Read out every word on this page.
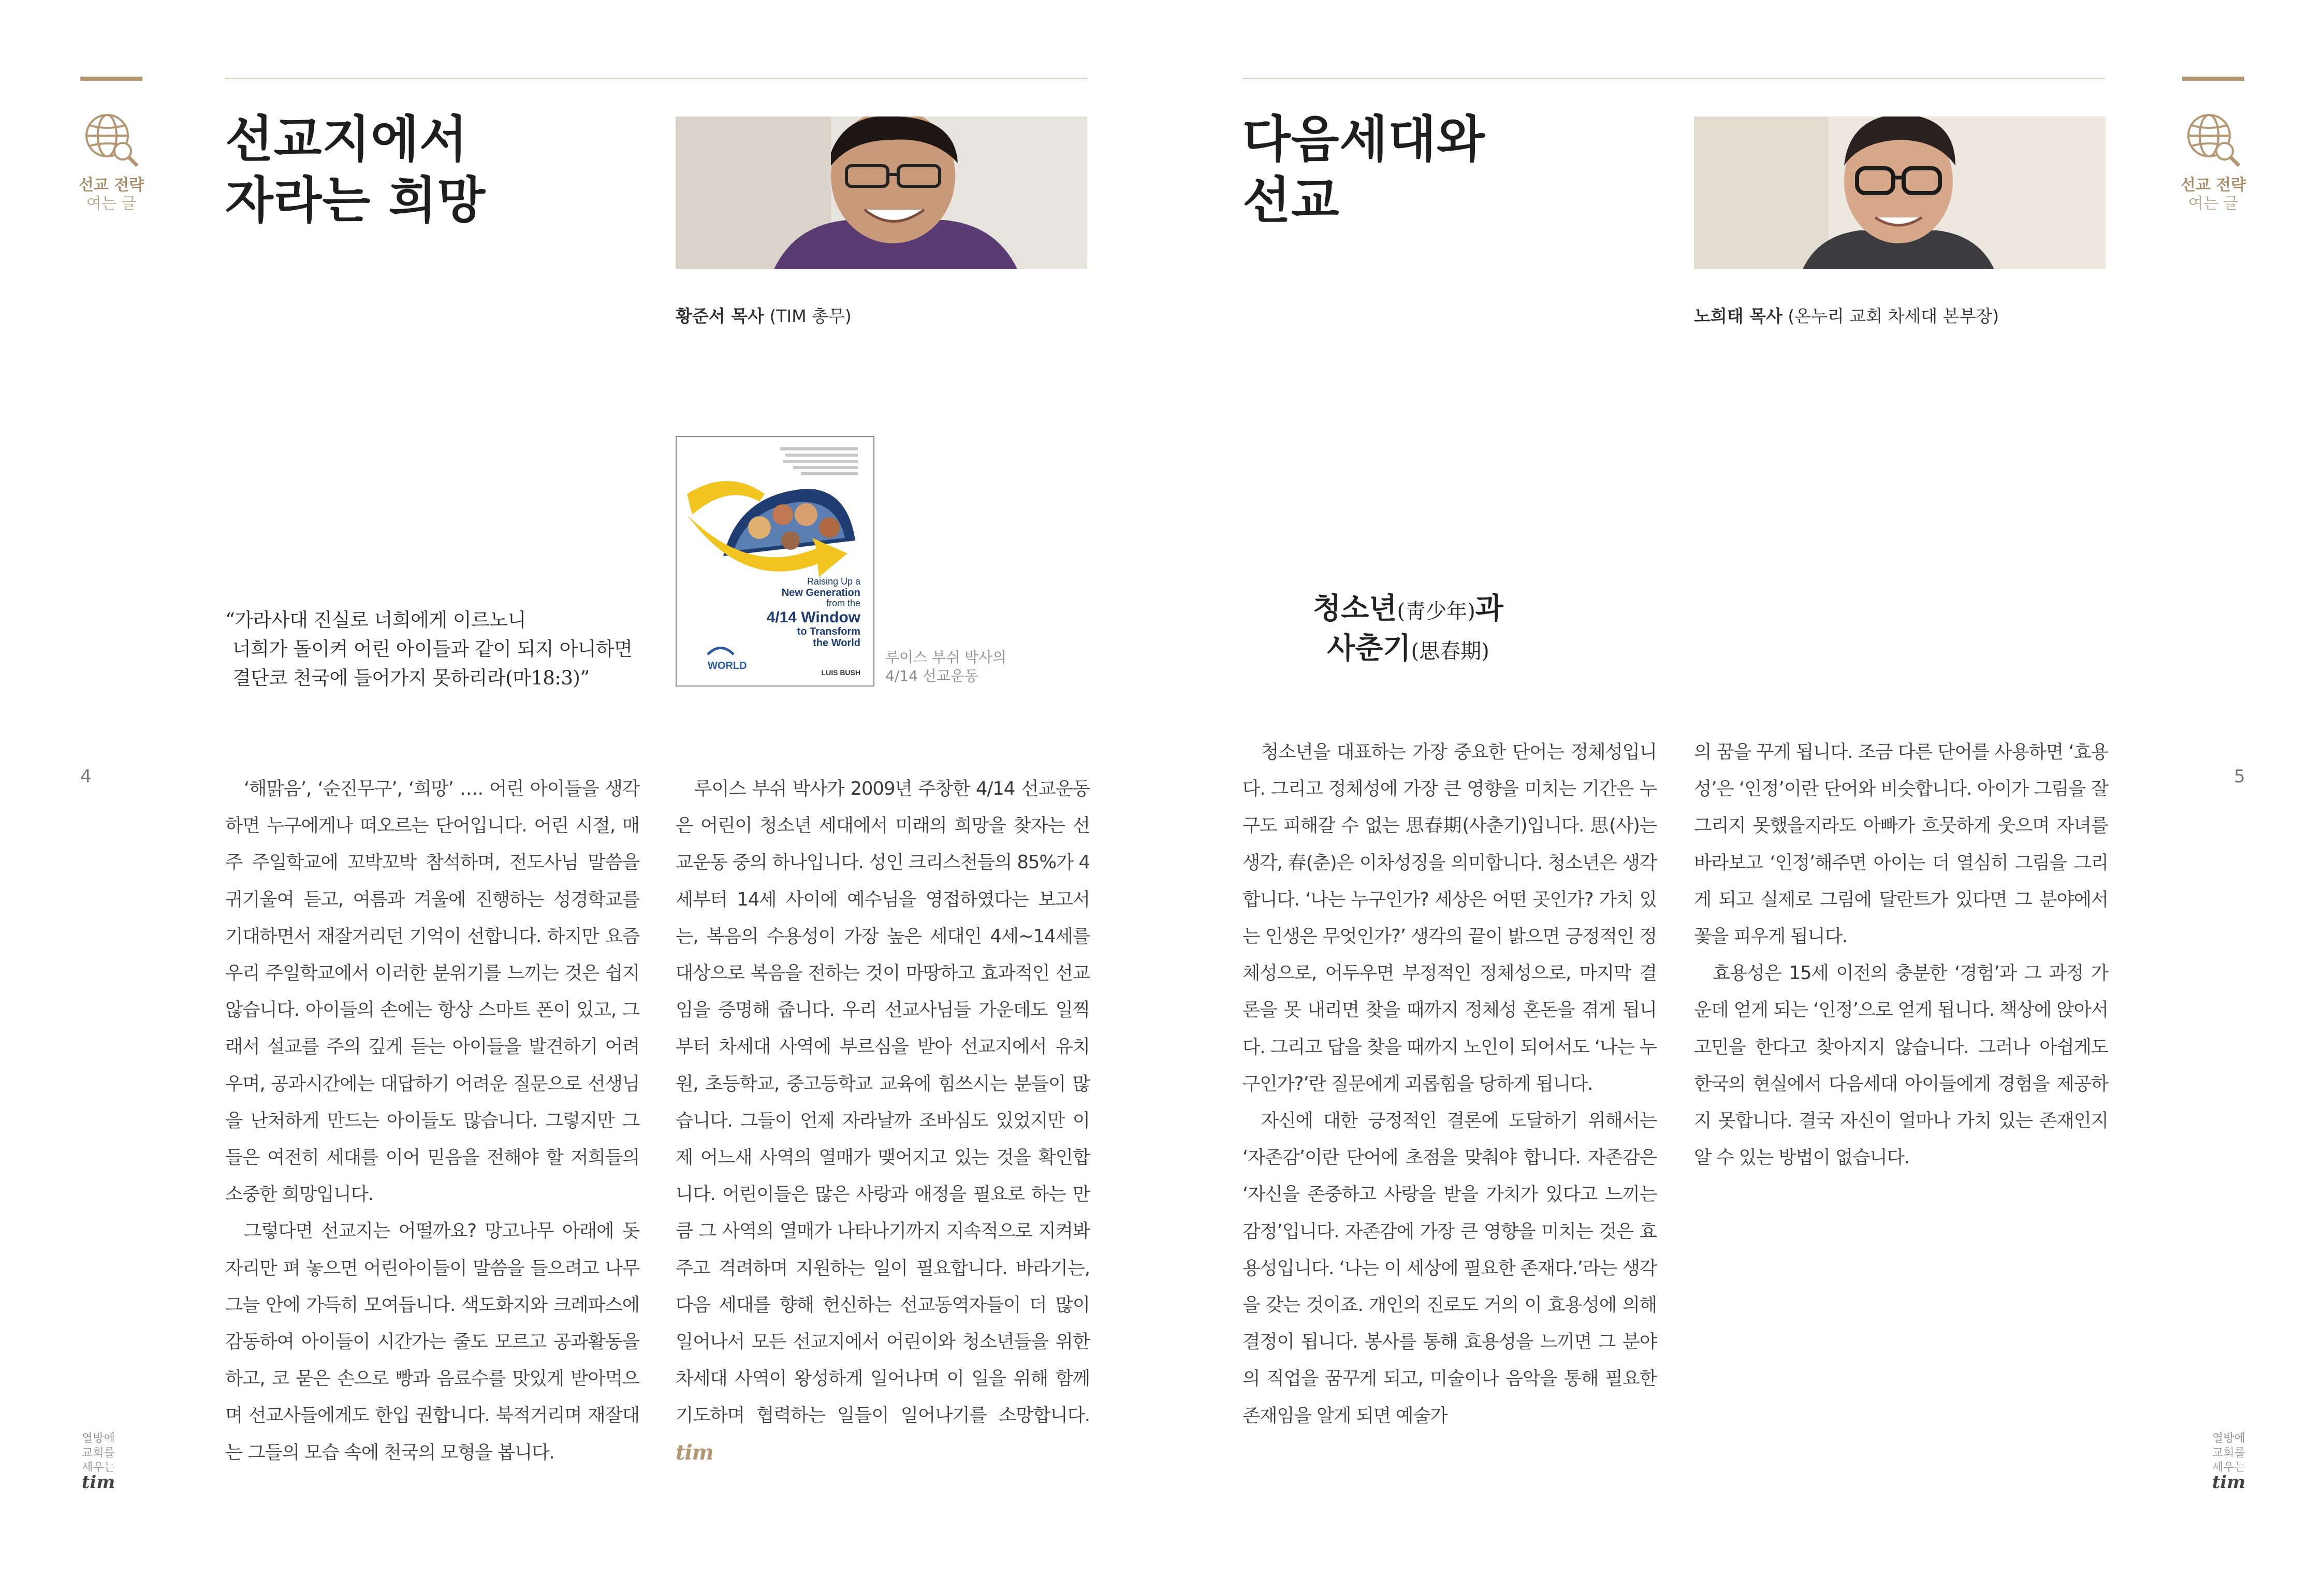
선교 전략
여는 글
선교지에서
자라는 희망
황준서 목사 (TIM 총무)
“가라사대 진실로 너희에게 이르노니
너희가 돌이켜 어린 아이들과 같이 되지 아니하면
결단코 천국에 들어가지 못하리라(마18:3)”
Raising Up a
New Generation
from the
4/14 Window
to Transform
the World
LUIS BUSH
WORLD	루이스 부쉬 박사의
4/14 선교운동

‘해맑음’, ‘순진무구’, ‘희망’ …. 어린 아이들을 생각하면 누구에게나 떠오르는 단어입니다. 어린 시절, 매주 주일학교에 꼬박꼬박 참석하며, 전도사님 말씀을 귀기울여 듣고, 여름과 겨울에 진행하는 성경학교를 기대하면서 재잘거리던 기억이 선합니다. 하지만 요즘 우리 주일학교에서 이러한 분위기를 느끼는 것은 쉽지 않습니다. 아이들의 손에는 항상 스마트 폰이 있고, 그래서 설교를 주의 깊게 듣는 아이들을 발견하기 어려우며, 공과시간에는 대답하기 어려운 질문으로 선생님을 난처하게 만드는 아이들도 많습니다. 그렇지만 그들은 여전히 세대를 이어 믿음을 전해야 할 저희들의 소중한 희망입니다.

그렇다면 선교지는 어떨까요? 망고나무 아래에 돗자리만 펴 놓으면 어린아이들이 말씀을 들으려고 나무그늘 안에 가득히 모여듭니다. 색도화지와 크레파스에 감동하여 아이들이 시간가는 줄도 모르고 공과활동을 하고, 코 묻은 손으로 빵과 음료수를 맛있게 받아먹으며 선교사들에게도 한입 권합니다. 북적거리며 재잘대는 그들의 모습 속에 천국의 모형을 봅니다.

루이스 부쉬 박사가 2009년 주창한 4/14 선교운동은 어린이 청소년 세대에서 미래의 희망을 찾자는 선교운동 중의 하나입니다. 성인 크리스천들의 85%가 4세부터 14세 사이에 예수님을 영접하였다는 보고서는, 복음의 수용성이 가장 높은 세대인 4세~14세를 대상으로 복음을 전하는 것이 마땅하고 효과적인 선교임을 증명해 줍니다. 우리 선교사님들 가운데도 일찍부터 차세대 사역에 부르심을 받아 선교지에서 유치원, 초등학교, 중고등학교 교육에 힘쓰시는 분들이 많습니다. 그들이 언제 자라날까 조바심도 있었지만 이제 어느새 사역의 열매가 맺어지고 있는 것을 확인합니다. 어린이들은 많은 사랑과 애정을 필요로 하는 만큼 그 사역의 열매가 나타나기까지 지속적으로 지켜봐주고 격려하며 지원하는 일이 필요합니다. 바라기는, 다음 세대를 향해 헌신하는 선교동역자들이 더 많이 일어나서 모든 선교지에서 어린이와 청소년들을 위한 차세대 사역이 왕성하게 일어나며 이 일을 위해 함께 기도하며 협력하는 일들이 일어나기를 소망합니다. tim

4
열방에
교회를
세우는
tim
선교 전략
여는 글
다음세대와
선교
노희태 목사 (온누리 교회 차세대 본부장)
청소년(靑少年)과
사춘기(思春期)

청소년을 대표하는 가장 중요한 단어는 정체성입니다. 그리고 정체성에 가장 큰 영향을 미치는 기간은 누구도 피해갈 수 없는 思春期(사춘기)입니다. 思(사)는 생각, 春(춘)은 이차성징을 의미합니다. 청소년은 생각합니다. ‘나는 누구인가? 세상은 어떤 곳인가? 가치 있는 인생은 무엇인가?’ 생각의 끝이 밝으면 긍정적인 정체성으로, 어두우면 부정적인 정체성으로, 마지막 결론을 못 내리면 찾을 때까지 정체성 혼돈을 겪게 됩니다. 그리고 답을 찾을 때까지 노인이 되어서도 ‘나는 누구인가?’란 질문에게 괴롭힘을 당하게 됩니다.

자신에 대한 긍정적인 결론에 도달하기 위해서는 ‘자존감’이란 단어에 초점을 맞춰야 합니다. 자존감은 ‘자신을 존중하고 사랑을 받을 가치가 있다고 느끼는 감정’입니다. 자존감에 가장 큰 영향을 미치는 것은 효용성입니다. ‘나는 이 세상에 필요한 존재다.’라는 생각을 갖는 것이죠. 개인의 진로도 거의 이 효용성에 의해 결정이 됩니다. 봉사를 통해 효용성을 느끼면 그 분야의 직업을 꿈꾸게 되고, 미술이나 음악을 통해 필요한 존재임을 알게 되면 예술가

의 꿈을 꾸게 됩니다. 조금 다른 단어를 사용하면 ‘효용성’은 ‘인정’이란 단어와 비슷합니다. 아이가 그림을 잘 그리지 못했을지라도 아빠가 흐뭇하게 웃으며 자녀를 바라보고 ‘인정’해주면 아이는 더 열심히 그림을 그리게 되고 실제로 그림에 달란트가 있다면 그 분야에서 꽃을 피우게 됩니다.

효용성은 15세 이전의 충분한 ‘경험’과 그 과정 가운데 얻게 되는 ‘인정’으로 얻게 됩니다. 책상에 앉아서 고민을 한다고 찾아지지 않습니다. 그러나 아쉽게도 한국의 현실에서 다음세대 아이들에게 경험을 제공하지 못합니다. 결국 자신이 얼마나 가치 있는 존재인지 알 수 있는 방법이 없습니다.

5
열방에
교회를
세우는
tim
